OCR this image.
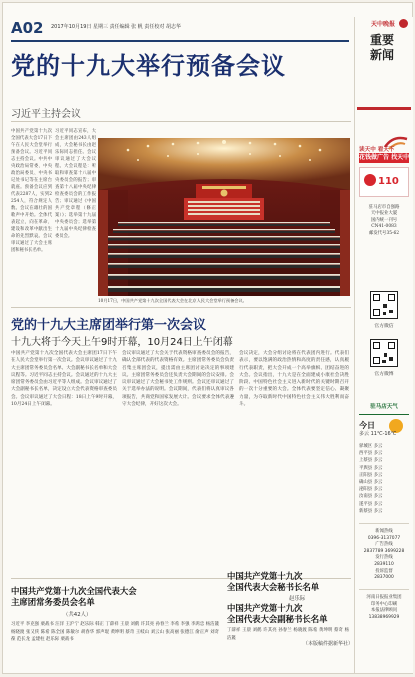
A02 2017年10月19日 星期三 责任编辑 张 帆 责任校对 胡志华
党的十九大举行预备会议
习近平主持会议
中国共产党第十九次全国代表大会17日下午在人民大会堂举行预备会议。习近平同志主持会议。中共中央政治局常委、中央政治局委员、中央书记处书记等在主席台就座。预备会议应到代表2287人，实到2254人，符合规定人数。会议在雄壮的国歌声中开始。全体代表起立，向在革命、建设和改革中献出生命的先烈默哀。会议审议通过了大会主席团和秘书长名单。
习近平同志宣布，大会主席团由243人组成，大会秘书长由赵乐际同志担任。会议审议通过了大会议程。大会议程是：听取和审查第十八届中央委员会的报告；审查第十八届中央纪律检查委员会的工作报告；审议通过《中国共产党章程（修正案）》；选举第十九届中央委员会；选举第十九届中央纪律检查委员会。
10月17日，中国共产党第十九次全国代表大会在北京人民大会堂举行预备会议。
党的十九大主席团举行第一次会议
十九大将于今天上午9时开幕，10月24日上午闭幕
中国共产党第十九次全国代表大会主席团17日下午在人民大会堂举行第一次会议。会议审议通过了十九大主席团常务委员会名单、大会副秘书长名单和大会议程等。习近平同志主持会议。会议通过的十九大主席团常务委员会由习近平等人组成。会议审议通过了大会副秘书长名单，决定设立大会代表资格审查委员会。会议审议通过了大会日程：18日上午9时开幕，10月24日上午闭幕。
会议审议通过了大会关于代表资格审查委员会的报告，确认全部代表的代表资格有效。主席团常务委员会负责召集主席团会议，提出需由主席团讨论决定的事项建议。主席团常务委员会还负责大会期间的会议安排。会议审议通过了大会秘书处工作规则。会议还审议通过了关于选举办法的说明。会议期间，代表们将认真审议各项报告，共商党和国家发展大计。会议要求全体代表遵守大会纪律，开好这次大会。
会议决定，大会分组讨论将在代表团内进行。代表们表示，要以饱满的政治热情和高度的责任感，认真履行代表职责，把大会开成一个高举旗帜、团结奋进的大会。会议指出，十九大是在全面建成小康社会决胜阶段、中国特色社会主义进入新时代的关键时期召开的一次十分重要的大会。全体代表要坚定信心、凝聚力量，为夺取新时代中国特色社会主义伟大胜利而奋斗。
中国共产党第十九次全国代表大会
主席团常务委员会名单
（共42人）
习近平 李克强 栗战书 汪洋 王沪宁 赵乐际 韩正 丁薛祥 王晨 刘鹤 许其亮 孙春兰 李希 李强 李鸿忠 杨洁篪 杨晓渡 张又侠 陈希 陈全国 陈敏尔 胡春华 郭声琨 黄坤明 蔡奇 王岐山 刘云山 张高丽 张德江 俞正声 刘奇葆 范长龙 孟建柱 赵乐际 栗战书
中国共产党第十九次
全国代表大会秘书长名单
赵乐际
中国共产党第十九次
全国代表大会副秘书长名单
丁薛祥 王晨 刘鹤 许其亮 孙春兰 杨晓渡 陈希 黄坤明 蔡奇 杨洁篪
（本版稿件据新华社）
天中晚报
重要
新闻
读天中 看天下
花钱做广告 找天中
110
驻马店市自强路
天中报业大厦
国内统一刊号
CN41-0083
邮发代号35-62
官方微信
官方微博
驻马店天气
今日
多云 11℃-16℃
驿城区 多云
西平县 多云
上蔡县 多云
平舆县 多云
正阳县 多云
确山县 多云
泌阳县 多云
汝南县 多云
遂平县 多云
新蔡县 多云
新闻热线
0396-3137077
广告热线
2837789 3699228
发行热线
2839110
投诉监督
2837000
河南日报报业集团
印务中心印刷
本报法律顾问
13838969929
